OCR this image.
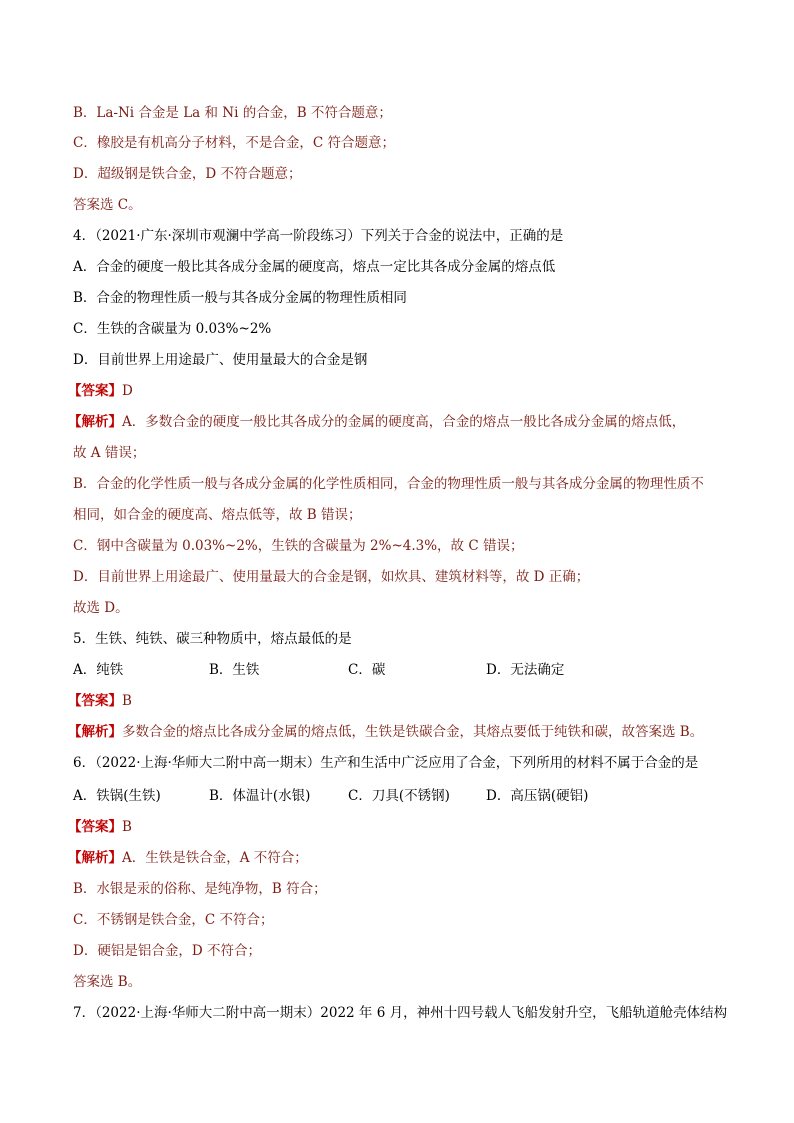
B．La-Ni 合金是 La 和 Ni 的合金，B 不符合题意；
C．橡胶是有机高分子材料，不是合金，C 符合题意；
D．超级钢是铁合金，D 不符合题意；
答案选 C。
4．（2021·广东·深圳市观澜中学高一阶段练习）下列关于合金的说法中，正确的是
A．合金的硬度一般比其各成分金属的硬度高，熔点一定比其各成分金属的熔点低
B．合金的物理性质一般与其各成分金属的物理性质相同
C．生铁的含碳量为 0.03%~2%
D．目前世界上用途最广、使用量最大的合金是钢
【答案】D
【解析】A．多数合金的硬度一般比其各成分的金属的硬度高，合金的熔点一般比各成分金属的熔点低，
故 A 错误；
B．合金的化学性质一般与各成分金属的化学性质相同，合金的物理性质一般与其各成分金属的物理性质不
相同，如合金的硬度高、熔点低等，故 B 错误；
C．钢中含碳量为 0.03%~2%，生铁的含碳量为 2%~4.3%，故 C 错误；
D．目前世界上用途最广、使用量最大的合金是钢，如炊具、建筑材料等，故 D 正确；
故选 D。
5．生铁、纯铁、碳三种物质中，熔点最低的是
A．纯铁	B．生铁	C．碳	D．无法确定
【答案】B
【解析】多数合金的熔点比各成分金属的熔点低，生铁是铁碳合金，其熔点要低于纯铁和碳，故答案选 B。
6．（2022·上海·华师大二附中高一期末）生产和生活中广泛应用了合金，下列所用的材料不属于合金的是
A．铁锅(生铁)	B．体温计(水银)	C．刀具(不锈钢)	D．高压锅(硬铝)
【答案】B
【解析】A．生铁是铁合金，A 不符合；
B．水银是汞的俗称、是纯净物，B 符合；
C．不锈钢是铁合金，C 不符合；
D．硬铝是铝合金，D 不符合；
答案选 B。
7．（2022·上海·华师大二附中高一期末）2022 年 6 月，神州十四号载人飞船发射升空，飞船轨道舱壳体结构
